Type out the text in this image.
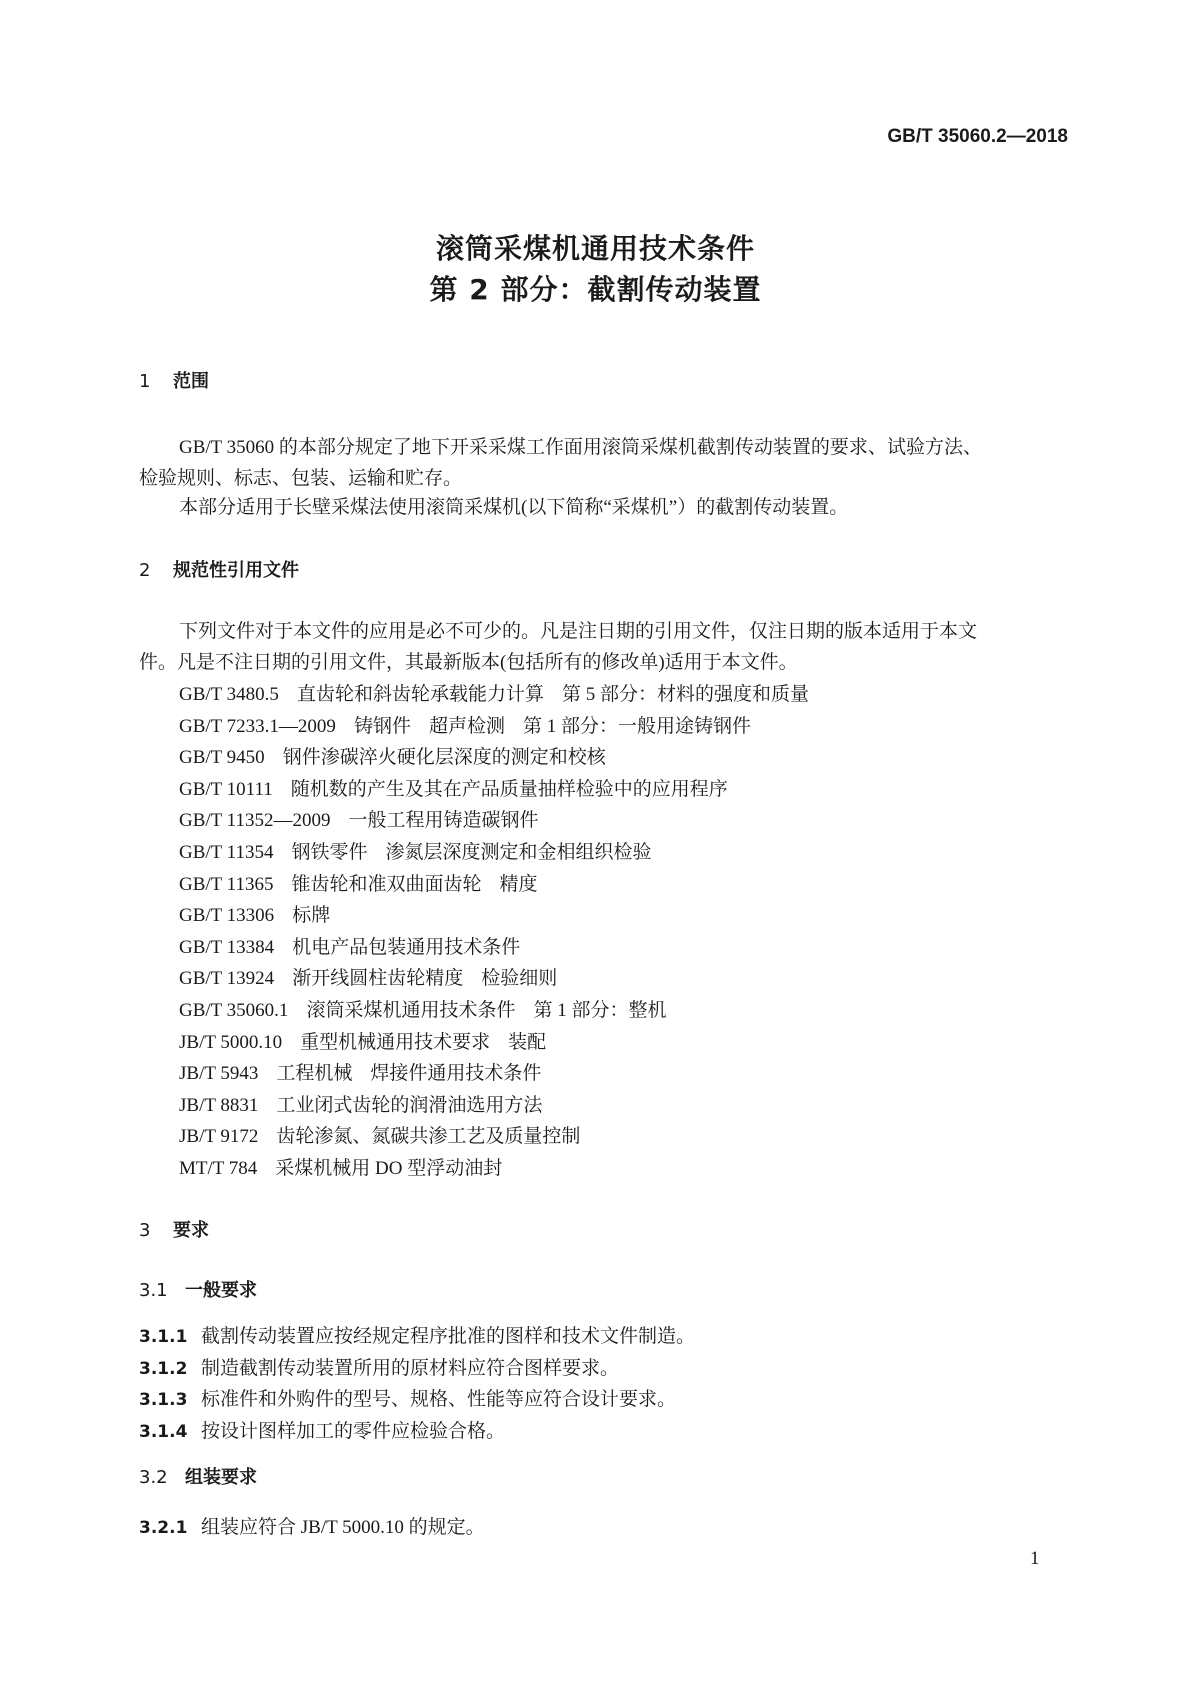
GB/T 35060.2—2018
滚筒采煤机通用技术条件
第 2 部分：截割传动装置
1 范围
GB/T 35060 的本部分规定了地下开采采煤工作面用滚筒采煤机截割传动装置的要求、试验方法、
检验规则、标志、包装、运输和贮存。
本部分适用于长壁采煤法使用滚筒采煤机(以下简称“采煤机”）的截割传动装置。
2 规范性引用文件
下列文件对于本文件的应用是必不可少的。凡是注日期的引用文件，仅注日期的版本适用于本文
件。凡是不注日期的引用文件，其最新版本(包括所有的修改单)适用于本文件。
GB/T 3480.5 直齿轮和斜齿轮承载能力计算 第 5 部分：材料的强度和质量
GB/T 7233.1—2009 铸钢件 超声检测 第 1 部分：一般用途铸钢件
GB/T 9450 钢件渗碳淬火硬化层深度的测定和校核
GB/T 10111 随机数的产生及其在产品质量抽样检验中的应用程序
GB/T 11352—2009 一般工程用铸造碳钢件
GB/T 11354 钢铁零件 渗氮层深度测定和金相组织检验
GB/T 11365 锥齿轮和准双曲面齿轮 精度
GB/T 13306 标牌
GB/T 13384 机电产品包装通用技术条件
GB/T 13924 渐开线圆柱齿轮精度 检验细则
GB/T 35060.1 滚筒采煤机通用技术条件 第 1 部分：整机
JB/T 5000.10 重型机械通用技术要求 装配
JB/T 5943 工程机械 焊接件通用技术条件
JB/T 8831 工业闭式齿轮的润滑油选用方法
JB/T 9172 齿轮渗氮、氮碳共渗工艺及质量控制
MT/T 784 采煤机械用 DO 型浮动油封
3 要求
3.1 一般要求
3.1.1 截割传动装置应按经规定程序批准的图样和技术文件制造。
3.1.2 制造截割传动装置所用的原材料应符合图样要求。
3.1.3 标准件和外购件的型号、规格、性能等应符合设计要求。
3.1.4 按设计图样加工的零件应检验合格。
3.2 组装要求
3.2.1 组装应符合 JB/T 5000.10 的规定。
1
